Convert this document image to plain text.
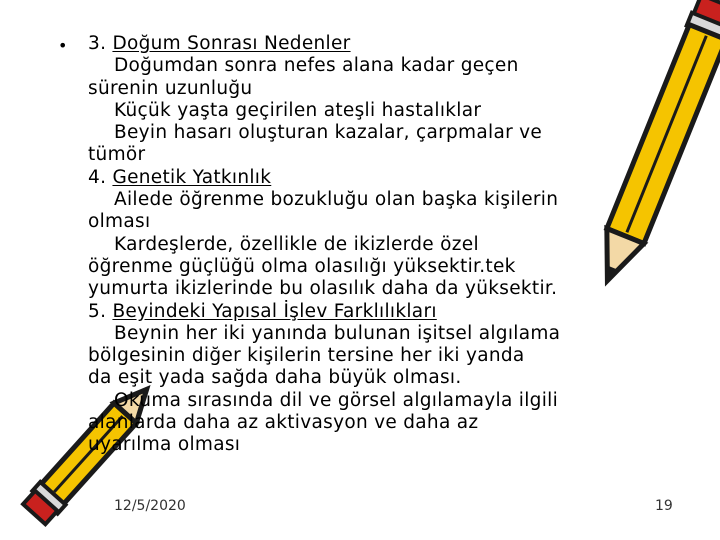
• 3. Doğum Sonrası Nedenler
Doğumdan sonra nefes alana kadar geçen
sürenin uzunluğu
Küçük yaşta geçirilen ateşli hastalıklar
Beyin hasarı oluşturan kazalar, çarpmalar ve
tümör
4. Genetik Yatkınlık
Ailede öğrenme bozukluğu olan başka kişilerin
olması
Kardeşlerde, özellikle de ikizlerde özel
öğrenme güçlüğü olma olasılığı yüksektir.tek
yumurta ikizlerinde bu olasılık daha da yüksektir.
5. Beyindeki Yapısal İşlev Farklılıkları
Beynin her iki yanında bulunan işitsel algılama
bölgesinin diğer kişilerin tersine her iki yanda
da eşit yada sağda daha büyük olması.
Okuma sırasında dil ve görsel algılamayla ilgili
alanlarda daha az aktivasyon ve daha az
uyarılma olması
12/5/2020	19
